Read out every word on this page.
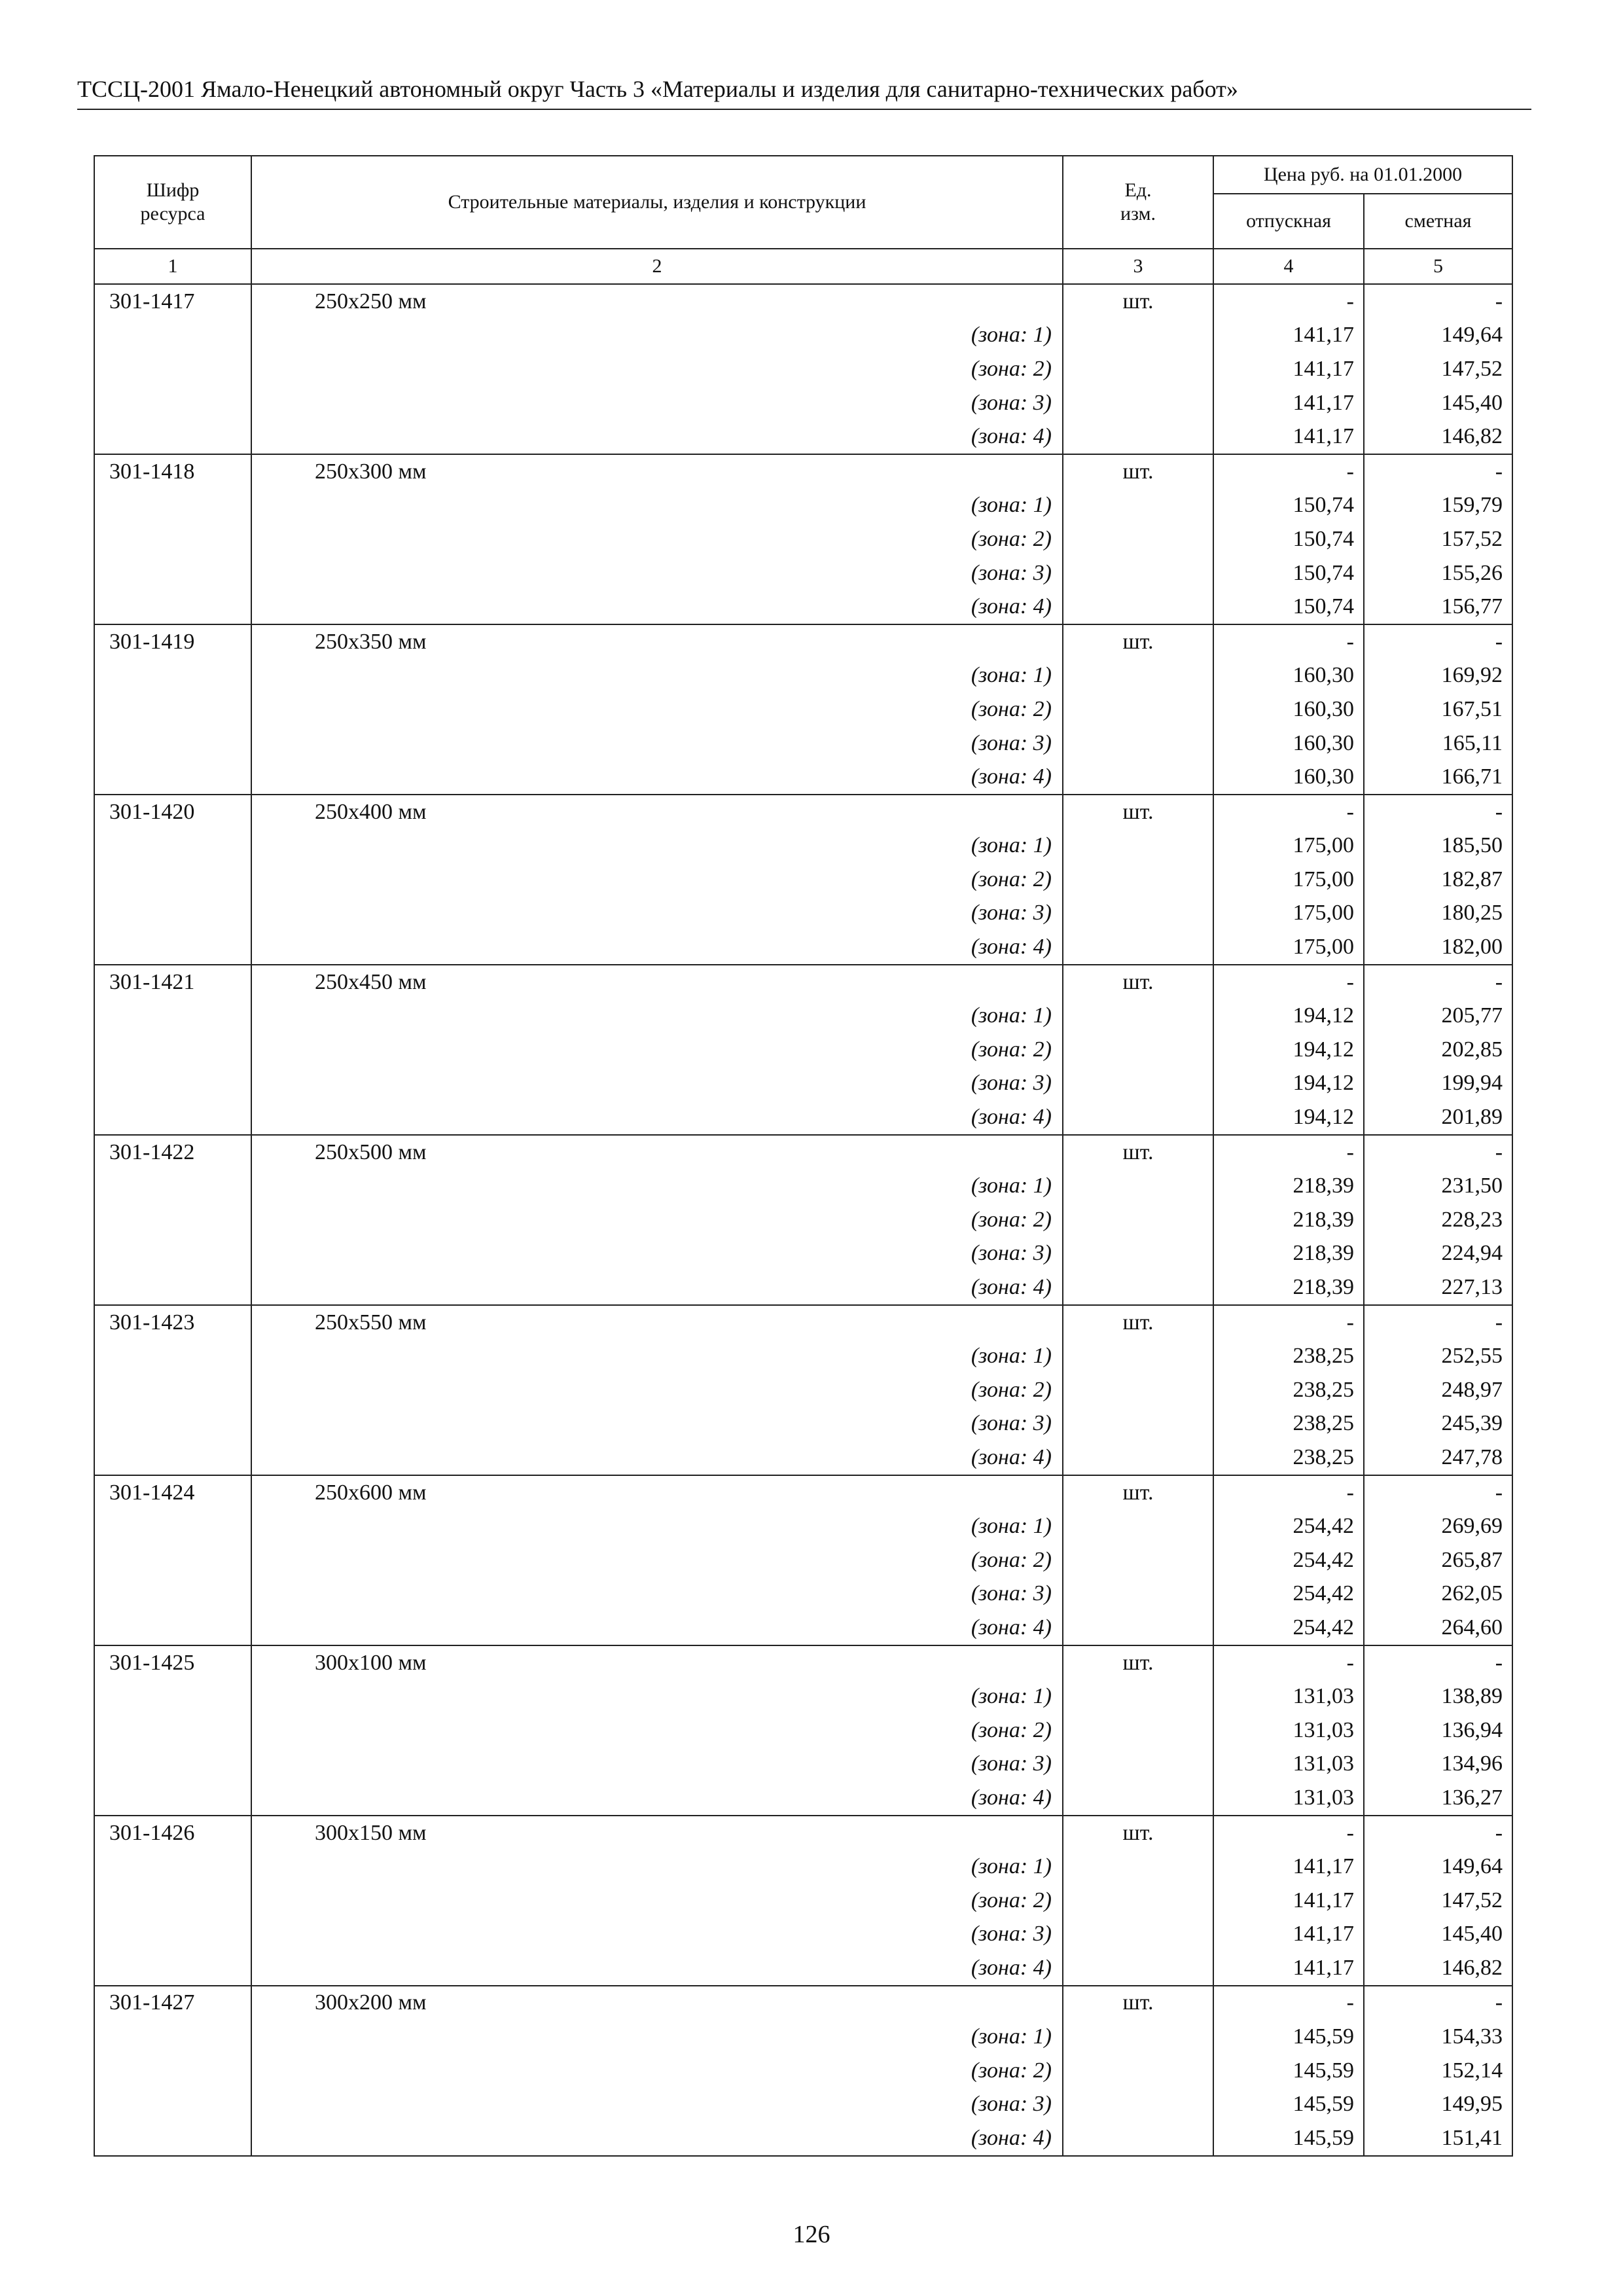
ТССЦ-2001 Ямало-Ненецкий автономный округ Часть 3 «Материалы и изделия для санитарно-технических работ»
Шифр ресурса	Строительные материалы, изделия и конструкции	Ед. изм.	Цена руб. на 01.01.2000	
			отпускная	сметная
1	2	3	4	5
301-1417	250x250 мм	шт.	-	-
	(зона: 1)		141,17	149,64
	(зона: 2)		141,17	147,52
	(зона: 3)		141,17	145,40
	(зона: 4)		141,17	146,82
301-1418	250x300 мм	шт.	-	-
	(зона: 1)		150,74	159,79
	(зона: 2)		150,74	157,52
	(зона: 3)		150,74	155,26
	(зона: 4)		150,74	156,77
301-1419	250x350 мм	шт.	-	-
	(зона: 1)		160,30	169,92
	(зона: 2)		160,30	167,51
	(зона: 3)		160,30	165,11
	(зона: 4)		160,30	166,71
301-1420	250x400 мм	шт.	-	-
	(зона: 1)		175,00	185,50
	(зона: 2)		175,00	182,87
	(зона: 3)		175,00	180,25
	(зона: 4)		175,00	182,00
301-1421	250x450 мм	шт.	-	-
	(зона: 1)		194,12	205,77
	(зона: 2)		194,12	202,85
	(зона: 3)		194,12	199,94
	(зона: 4)		194,12	201,89
301-1422	250x500 мм	шт.	-	-
	(зона: 1)		218,39	231,50
	(зона: 2)		218,39	228,23
	(зона: 3)		218,39	224,94
	(зона: 4)		218,39	227,13
301-1423	250x550 мм	шт.	-	-
	(зона: 1)		238,25	252,55
	(зона: 2)		238,25	248,97
	(зона: 3)		238,25	245,39
	(зона: 4)		238,25	247,78
301-1424	250x600 мм	шт.	-	-
	(зона: 1)		254,42	269,69
	(зона: 2)		254,42	265,87
	(зона: 3)		254,42	262,05
	(зона: 4)		254,42	264,60
301-1425	300x100 мм	шт.	-	-
	(зона: 1)		131,03	138,89
	(зона: 2)		131,03	136,94
	(зона: 3)		131,03	134,96
	(зона: 4)		131,03	136,27
301-1426	300x150 мм	шт.	-	-
	(зона: 1)		141,17	149,64
	(зона: 2)		141,17	147,52
	(зона: 3)		141,17	145,40
	(зона: 4)		141,17	146,82
301-1427	300x200 мм	шт.	-	-
	(зона: 1)		145,59	154,33
	(зона: 2)		145,59	152,14
	(зона: 3)		145,59	149,95
	(зона: 4)		145,59	151,41
126
